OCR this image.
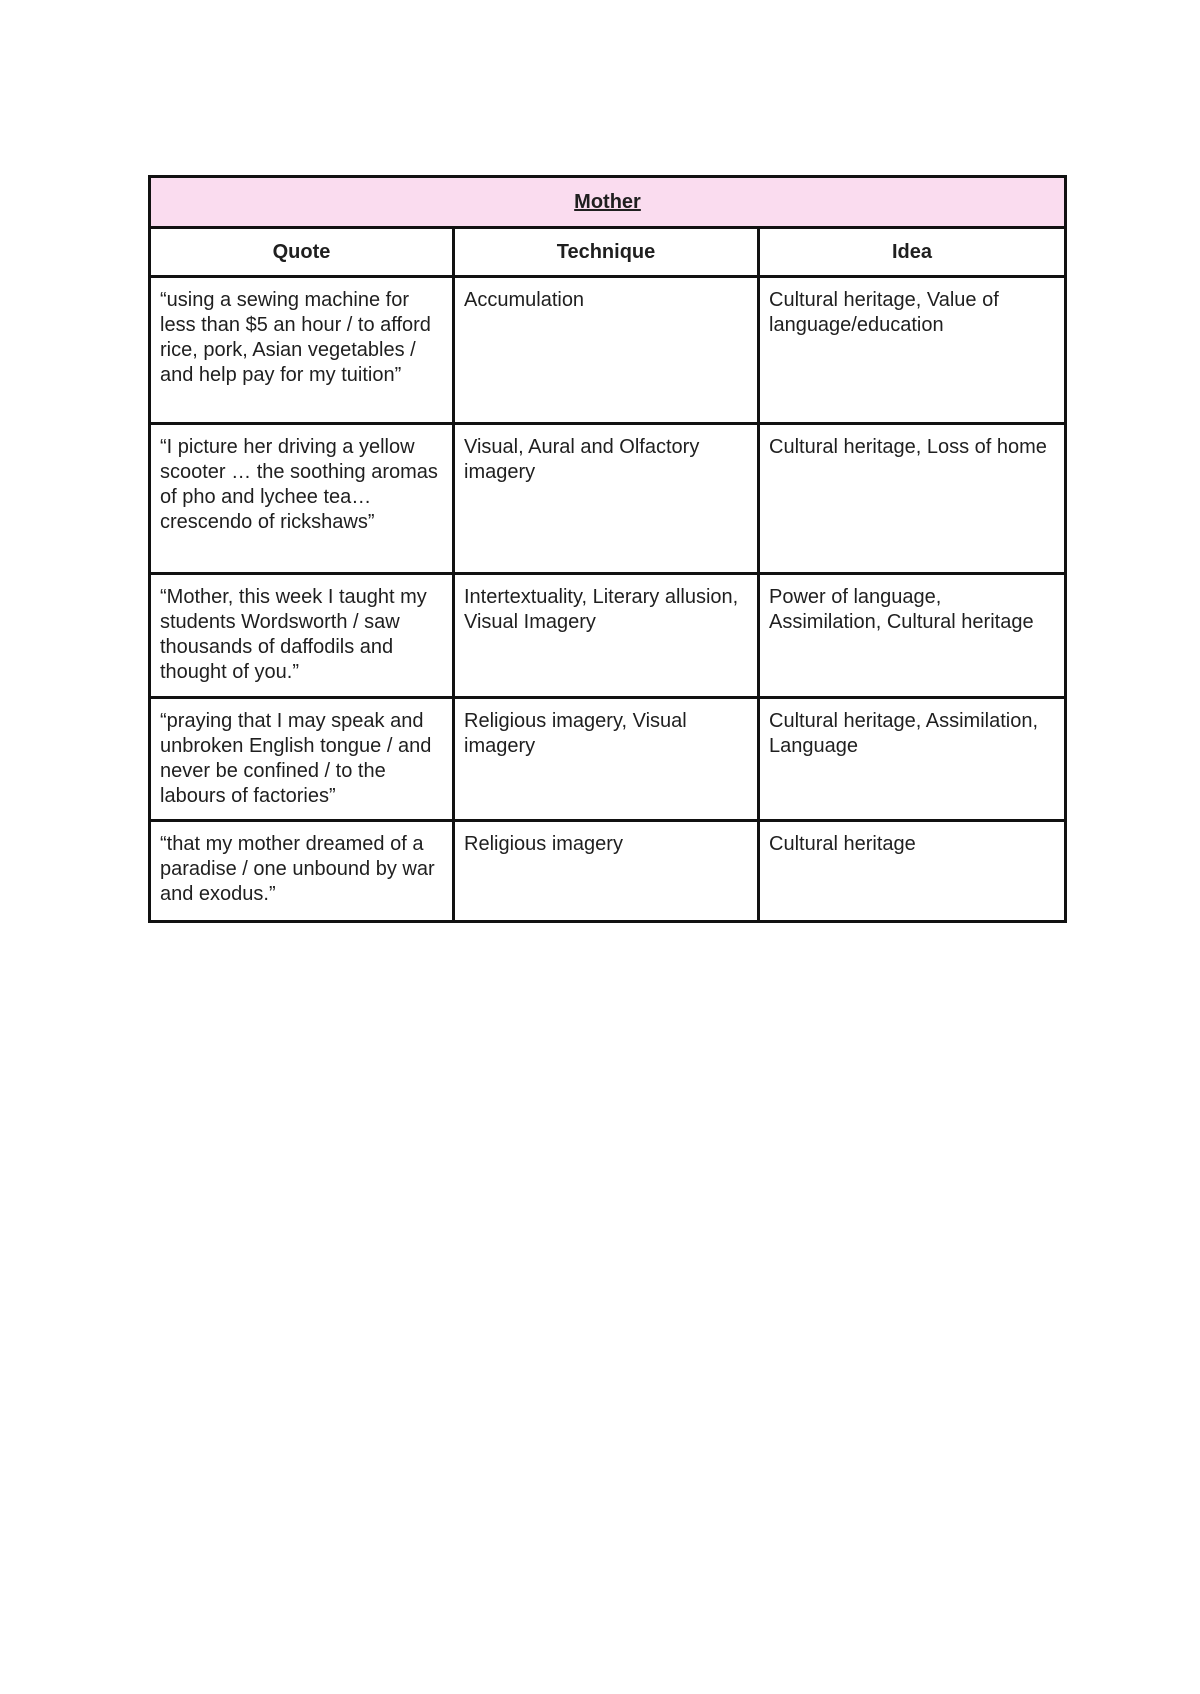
Mother		
Quote	Technique	Idea
“using a sewing machine for less than $5 an hour / to afford rice, pork, Asian vegetables / and help pay for my tuition”	Accumulation	Cultural heritage, Value of language/education
“I picture her driving a yellow scooter … the soothing aromas of pho and lychee tea… crescendo of rickshaws”	Visual, Aural and Olfactory imagery	Cultural heritage, Loss of home
“Mother, this week I taught my students Wordsworth / saw thousands of daffodils and thought of you.”	Intertextuality, Literary allusion, Visual Imagery	Power of language, Assimilation, Cultural heritage
“praying that I may speak and unbroken English tongue / and never be confined / to the labours of factories”	Religious imagery, Visual imagery	Cultural heritage, Assimilation, Language
“that my mother dreamed of a paradise / one unbound by war and exodus.”	Religious imagery	Cultural heritage
